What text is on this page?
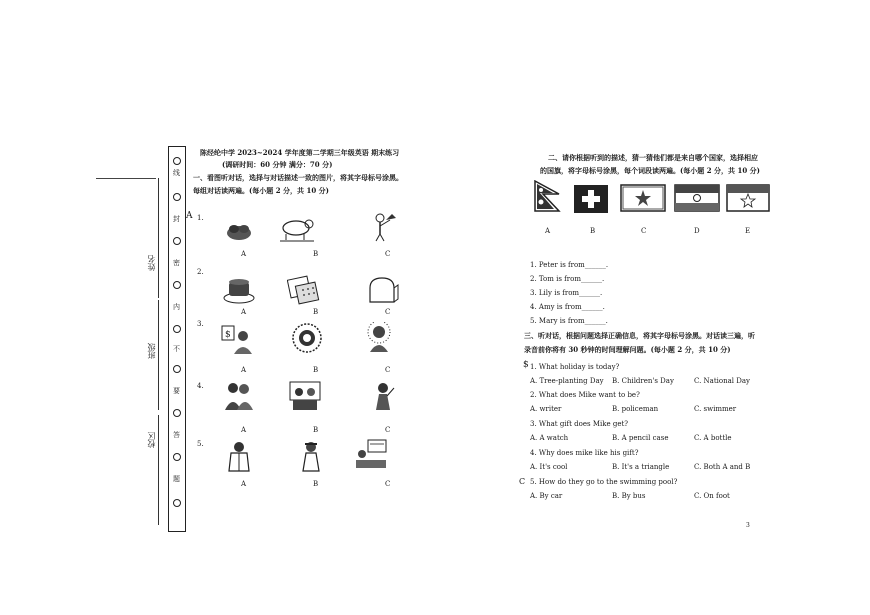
姓名
班级
校区
线
封
密
内
不
要
答
题
陈经纶中学 2023~2024 学年度第二学期三年级英语 期末练习
(调研时间：60 分钟 满分：70 分)
一、看图听对话，选择与对话描述一致的图片，将其字母标号涂黑。
每组对话读两遍。(每小题 2 分，共 10 分)
A 1.
A	B	C
2.
A	B	C
3.
$
A	B	C
4.
A	B	C
5.
A	B	C
二、请你根据听到的描述，猜一猜他们都是来自哪个国家，选择相应
的国旗，将字母标号涂黑，每个词段读两遍。(每小题 2 分，共 10 分)
A	B	C	D	E
1. Peter is from______.
2. Tom is from______.
3. Lily is from______.
4. Amy is from______.
5. Mary is from______.
三、听对话，根据问题选择正确信息，将其字母标号涂黑。对话读三遍，听
录音前你将有 30 秒钟的时间理解问题。(每小题 2 分，共 10 分)
$ 1. What holiday is today?
A. Tree-planting Day B. Children's Day	C. National Day
2. What does Mike want to be?
A. writer	B. policeman	C. swimmer
3. What gift does Mike get?
A. A watch	B. A pencil case	C. A bottle
4. Why does mike like his gift?
A. It's cool	B. It's a triangle	C. Both A and B
C 5. How do they go to the swimming pool?
A. By car	B. By bus	C. On foot
3
